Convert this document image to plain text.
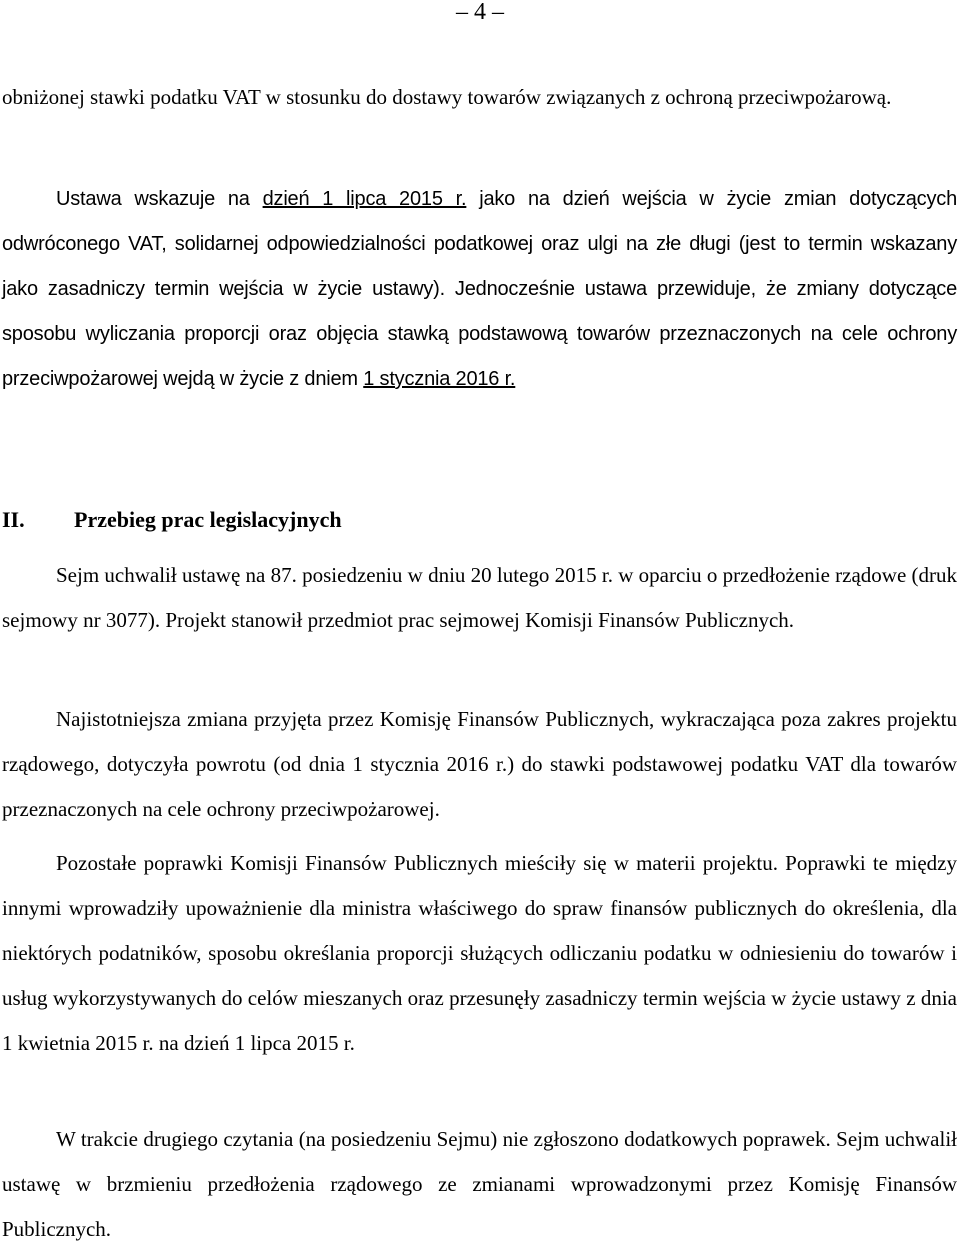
– 4 –

obniżonej stawki podatku VAT w stosunku do dostawy towarów związanych z ochroną przeciwpożarową.

Ustawa wskazuje na dzień 1 lipca 2015 r. jako na dzień wejścia w życie zmian dotyczących odwróconego VAT, solidarnej odpowiedzialności podatkowej oraz ulgi na złe długi (jest to termin wskazany jako zasadniczy termin wejścia w życie ustawy). Jednocześnie ustawa przewiduje, że zmiany dotyczące sposobu wyliczania proporcji oraz objęcia stawką podstawową towarów przeznaczonych na cele ochrony przeciwpożarowej wejdą w życie z dniem 1 stycznia 2016 r.

II. Przebieg prac legislacyjnych

Sejm uchwalił ustawę na 87. posiedzeniu w dniu 20 lutego 2015 r. w oparciu o przedłożenie rządowe (druk sejmowy nr 3077). Projekt stanowił przedmiot prac sejmowej Komisji Finansów Publicznych.

Najistotniejsza zmiana przyjęta przez Komisję Finansów Publicznych, wykraczająca poza zakres projektu rządowego, dotyczyła powrotu (od dnia 1 stycznia 2016 r.) do stawki podstawowej podatku VAT dla towarów przeznaczonych na cele ochrony przeciwpożarowej.

Pozostałe poprawki Komisji Finansów Publicznych mieściły się w materii projektu. Poprawki te między innymi wprowadziły upoważnienie dla ministra właściwego do spraw finansów publicznych do określenia, dla niektórych podatników, sposobu określania proporcji służących odliczaniu podatku w odniesieniu do towarów i usług wykorzystywanych do celów mieszanych oraz przesunęły zasadniczy termin wejścia w życie ustawy z dnia 1 kwietnia 2015 r. na dzień 1 lipca 2015 r.

W trakcie drugiego czytania (na posiedzeniu Sejmu) nie zgłoszono dodatkowych poprawek. Sejm uchwalił ustawę w brzmieniu przedłożenia rządowego ze zmianami wprowadzonymi przez Komisję Finansów Publicznych.
